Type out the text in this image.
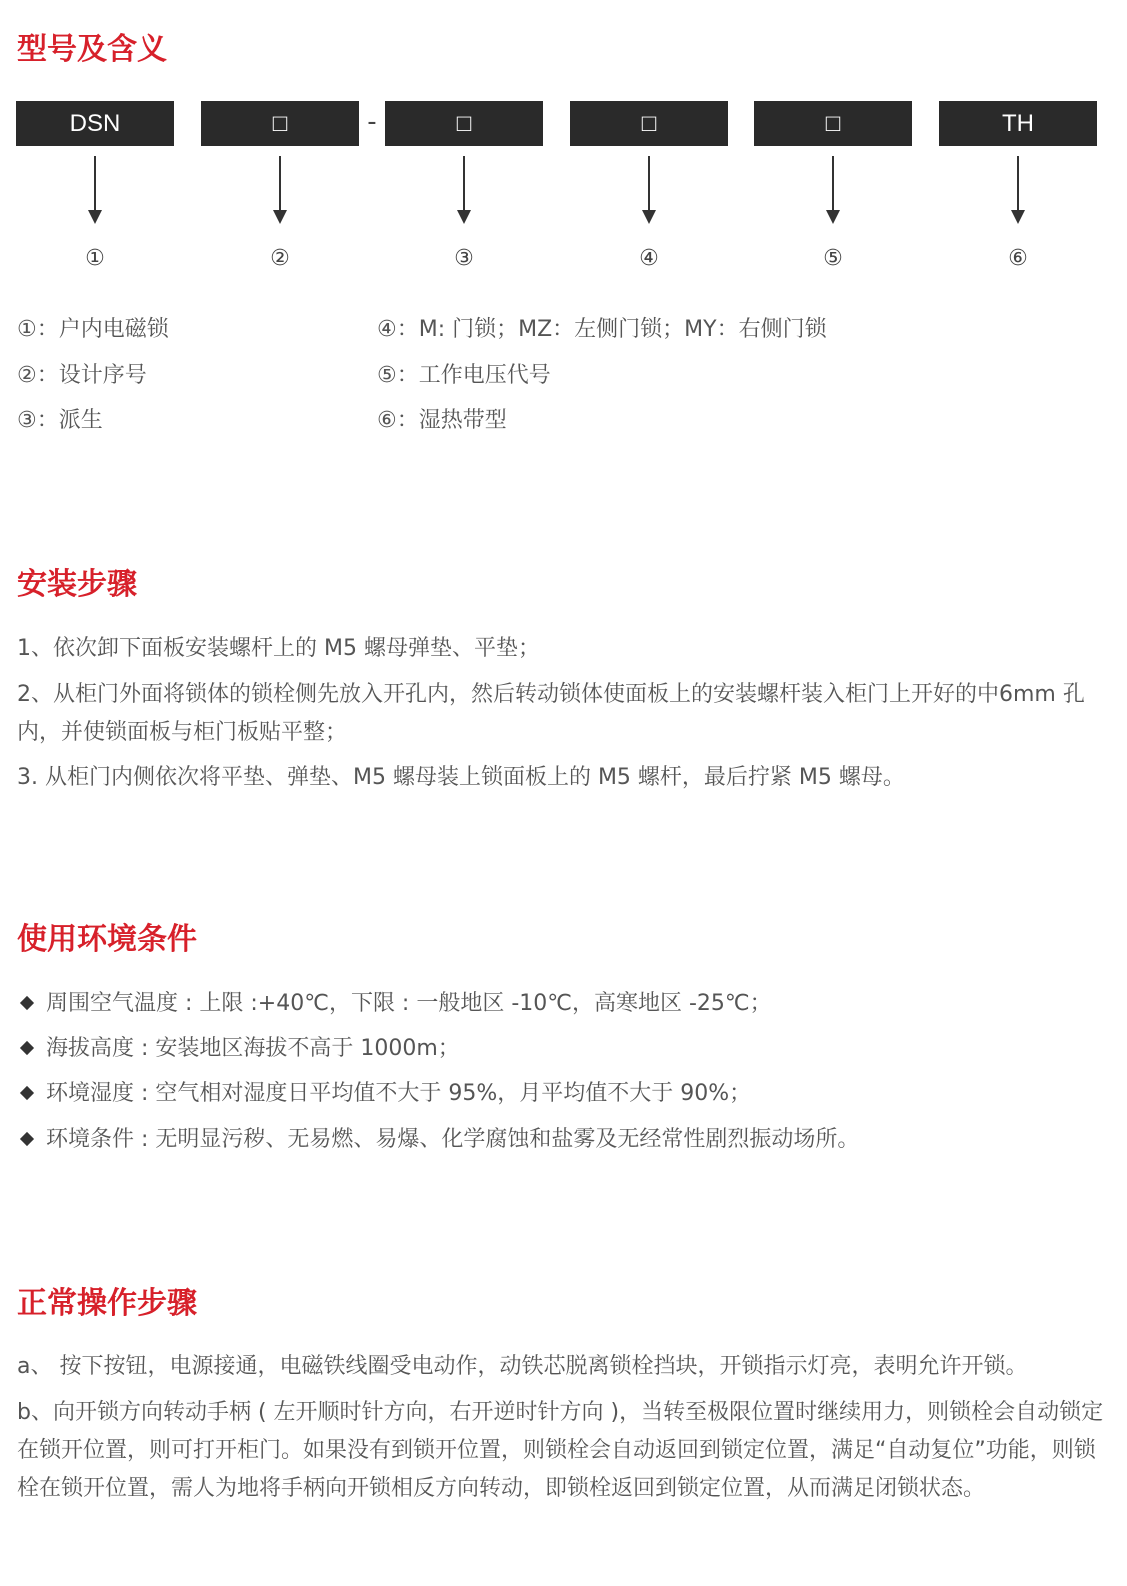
型号及含义
DSN	□	-	□	□	□	TH
①	②	③	④	⑤	⑥
①：户内电磁锁
②：设计序号
③：派生
④：M: 门锁；MZ：左侧门锁；MY：右侧门锁
⑤：工作电压代号
⑥：湿热带型
安装步骤

1、依次卸下面板安装螺杆上的 M5 螺母弹垫、平垫；

2、从柜门外面将锁体的锁栓侧先放入开孔内，然后转动锁体使面板上的安装螺杆装入柜门上开好的中6mm 孔内，并使锁面板与柜门板贴平整；

3. 从柜门内侧依次将平垫、弹垫、M5 螺母装上锁面板上的 M5 螺杆，最后拧紧 M5 螺母。

使用环境条件
周围空气温度 : 上限 :+40℃，下限 : 一般地区 -10℃，高寒地区 -25℃；
海拔高度 : 安装地区海拔不高于 1000m；
环境湿度 : 空气相对湿度日平均值不大于 95%，月平均值不大于 90%；
环境条件 : 无明显污秽、无易燃、易爆、化学腐蚀和盐雾及无经常性剧烈振动场所。
正常操作步骤

a、 按下按钮，电源接通，电磁铁线圈受电动作，动铁芯脱离锁栓挡块，开锁指示灯亮，表明允许开锁。

b、向开锁方向转动手柄 ( 左开顺时针方向，右开逆时针方向 )，当转至极限位置时继续用力，则锁栓会自动锁定在锁开位置，则可打开柜门。如果没有到锁开位置，则锁栓会自动返回到锁定位置，满足“自动复位”功能，则锁栓在锁开位置，需人为地将手柄向开锁相反方向转动，即锁栓返回到锁定位置，从而满足闭锁状态。
